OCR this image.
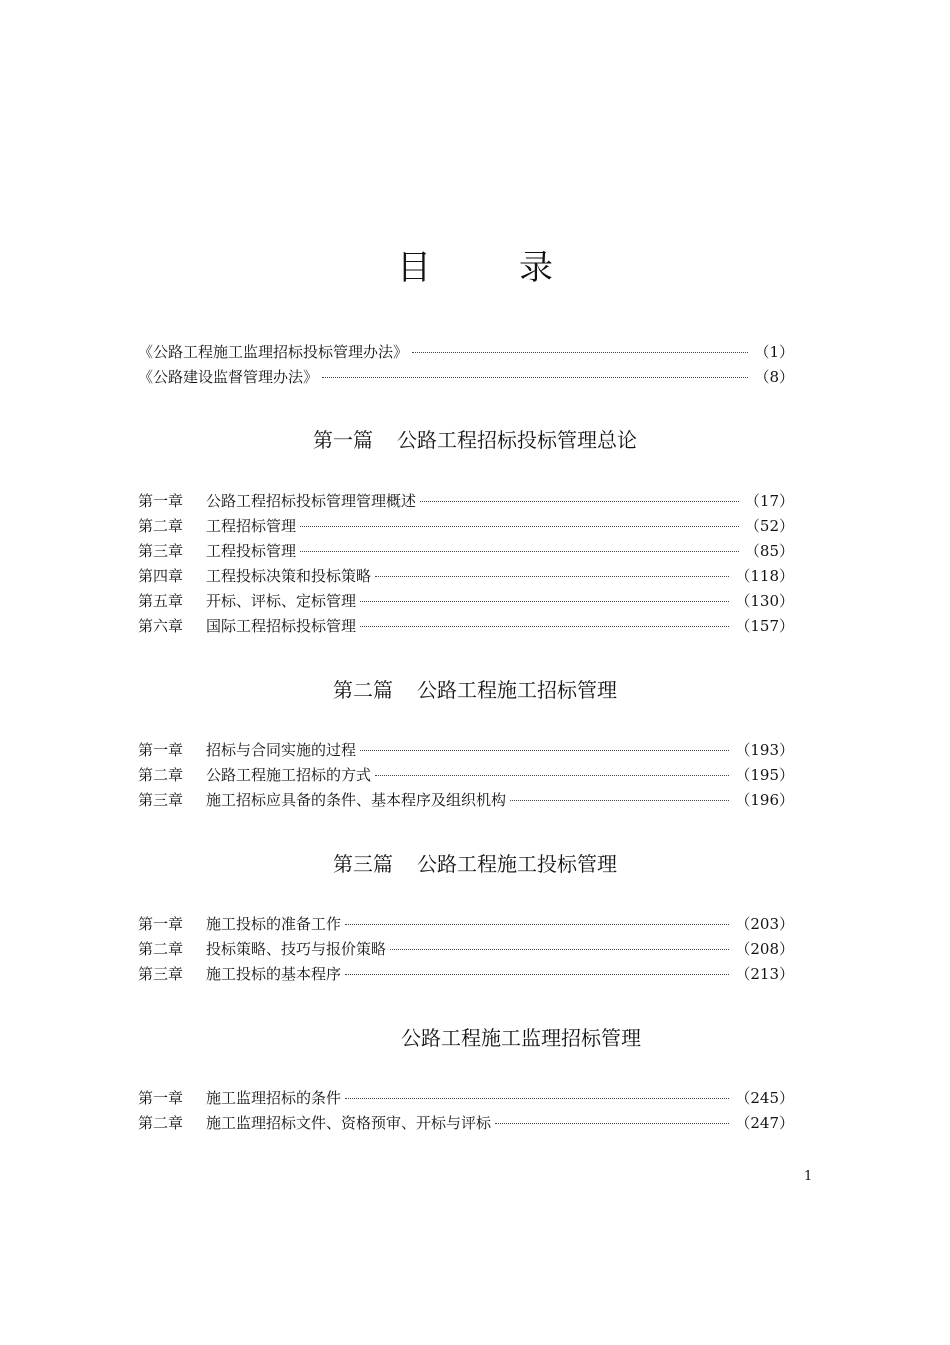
目	录
《公路工程施工监理招标投标管理办法》	（1）
《公路建设监督管理办法》	（8）
第一篇 公路工程招标投标管理总论
第一章	公路工程招标投标管理管理概述	（17）
第二章	工程招标管理	（52）
第三章	工程投标管理	（85）
第四章	工程投标决策和投标策略	（118）
第五章	开标、评标、定标管理	（130）
第六章	国际工程招标投标管理	（157）
第二篇 公路工程施工招标管理
第一章	招标与合同实施的过程	（193）
第二章	公路工程施工招标的方式	（195）
第三章	施工招标应具备的条件、基本程序及组织机构	（196）
第三篇 公路工程施工投标管理
第一章	施工投标的准备工作	（203）
第二章	投标策略、技巧与报价策略	（208）
第三章	施工投标的基本程序	（213）
公路工程施工监理招标管理
第一章	施工监理招标的条件	（245）
第二章	施工监理招标文件、资格预审、开标与评标	（247）
1
